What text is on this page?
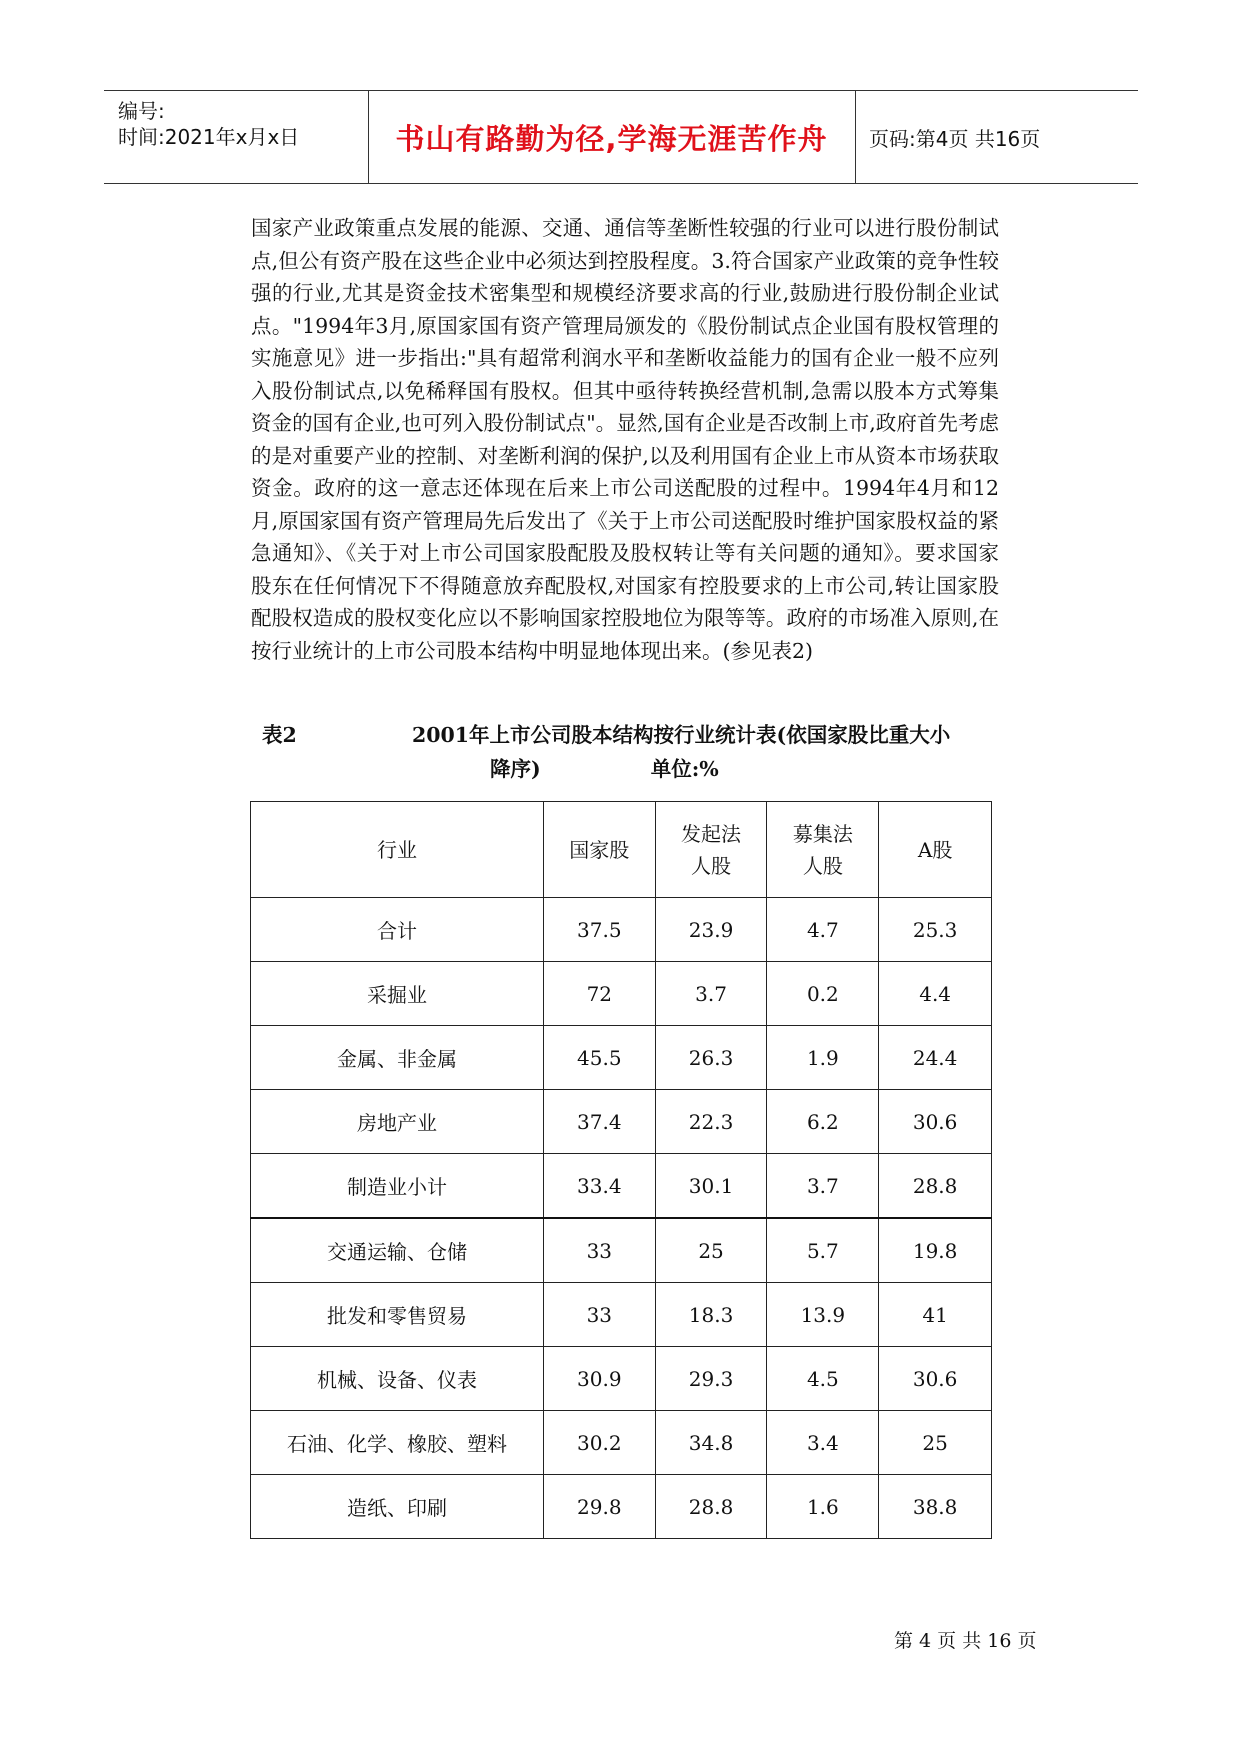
编号:
时间:2021年x月x日	书山有路勤为径,学海无涯苦作舟 页码:第4页 共16页
国家产业政策重点发展的能源、交通、通信等垄断性较强的行业可以进行股份制试点,但公有资产股在这些企业中必须达到控股程度。3.符合国家产业政策的竞争性较强的行业,尤其是资金技术密集型和规模经济要求高的行业,鼓励进行股份制企业试点。"1994年3月,原国家国有资产管理局颁发的《股份制试点企业国有股权管理的实施意见》进一步指出:"具有超常利润水平和垄断收益能力的国有企业一般不应列入股份制试点,以免稀释国有股权。但其中亟待转换经营机制,急需以股本方式筹集资金的国有企业,也可列入股份制试点"。显然,国有企业是否改制上市,政府首先考虑的是对重要产业的控制、对垄断利润的保护,以及利用国有企业上市从资本市场获取资金。政府的这一意志还体现在后来上市公司送配股的过程中。1994年4月和12月,原国家国有资产管理局先后发出了《关于上市公司送配股时维护国家股权益的紧急通知》、《关于对上市公司国家股配股及股权转让等有关问题的通知》。要求国家股东在任何情况下不得随意放弃配股权,对国家有控股要求的上市公司,转让国家股配股权造成的股权变化应以不影响国家控股地位为限等等。政府的市场准入原则,在按行业统计的上市公司股本结构中明显地体现出来。(参见表2)
表2	2001年上市公司股本结构按行业统计表(依国家股比重大小
降序)	单位:%
行业	国家股	发起法人股	募集法人股	A股
合计	37.5	23.9	4.7	25.3
采掘业	72	3.7	0.2	4.4
金属、非金属	45.5	26.3	1.9	24.4
房地产业	37.4	22.3	6.2	30.6
制造业小计	33.4	30.1	3.7	28.8
交通运输、仓储	33	25	5.7	19.8
批发和零售贸易	33	18.3	13.9	41
机械、设备、仪表	30.9	29.3	4.5	30.6
石油、化学、橡胶、塑料	30.2	34.8	3.4	25
造纸、印刷	29.8	28.8	1.6	38.8
第 4 页 共 16 页
